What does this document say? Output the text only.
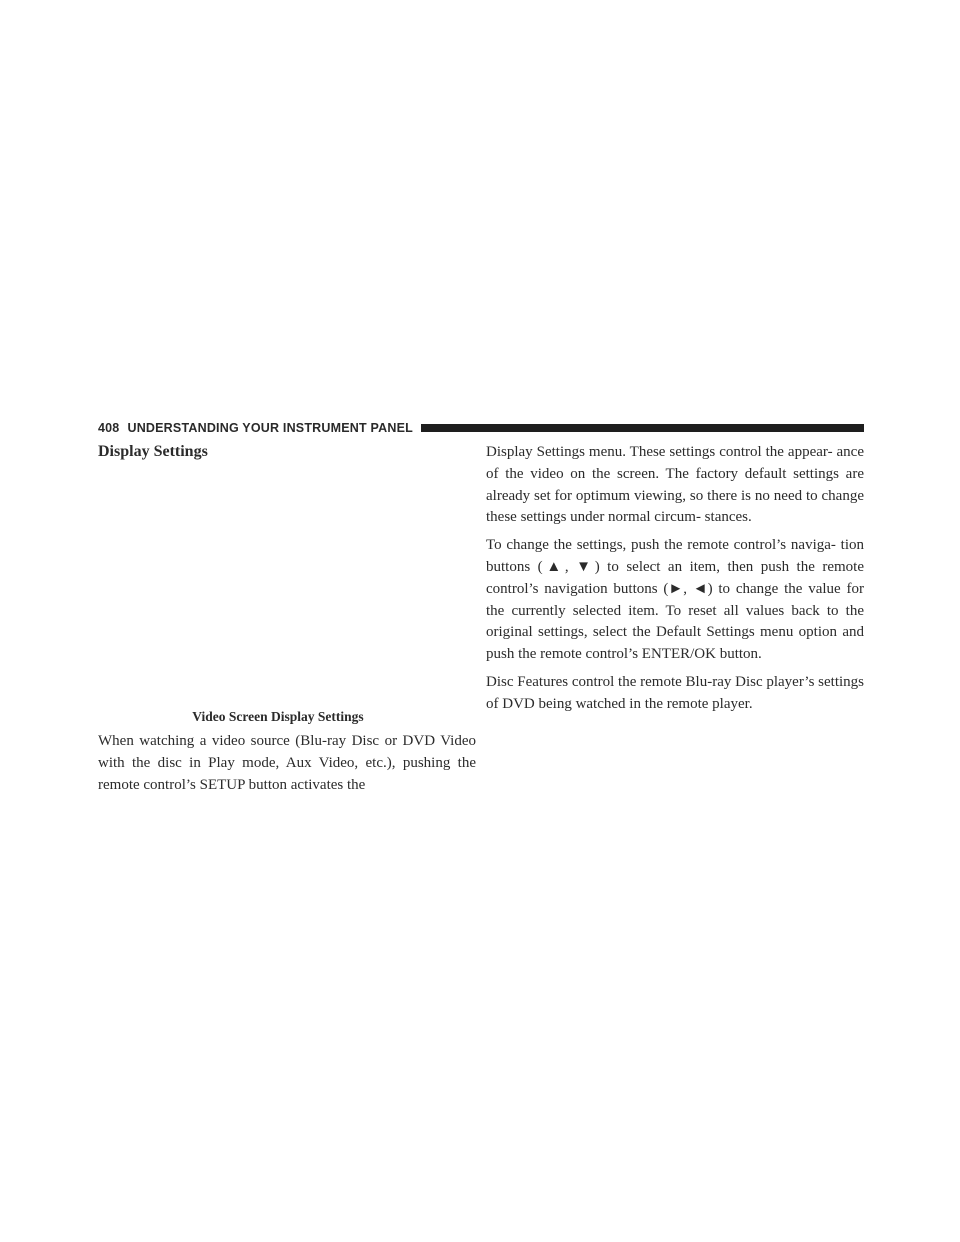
408 UNDERSTANDING YOUR INSTRUMENT PANEL
Display Settings
Video Screen Display Settings

When watching a video source (Blu-ray Disc or DVD Video with the disc in Play mode, Aux Video, etc.), pushing the remote control’s SETUP button activates the

Display Settings menu. These settings control the appear- ance of the video on the screen. The factory default settings are already set for optimum viewing, so there is no need to change these settings under normal circum- stances.

To change the settings, push the remote control’s naviga- tion buttons (▲, ▼) to select an item, then push the remote control’s navigation buttons (►, ◄) to change the value for the currently selected item. To reset all values back to the original settings, select the Default Settings menu option and push the remote control’s ENTER/OK button.

Disc Features control the remote Blu-ray Disc player’s settings of DVD being watched in the remote player.
